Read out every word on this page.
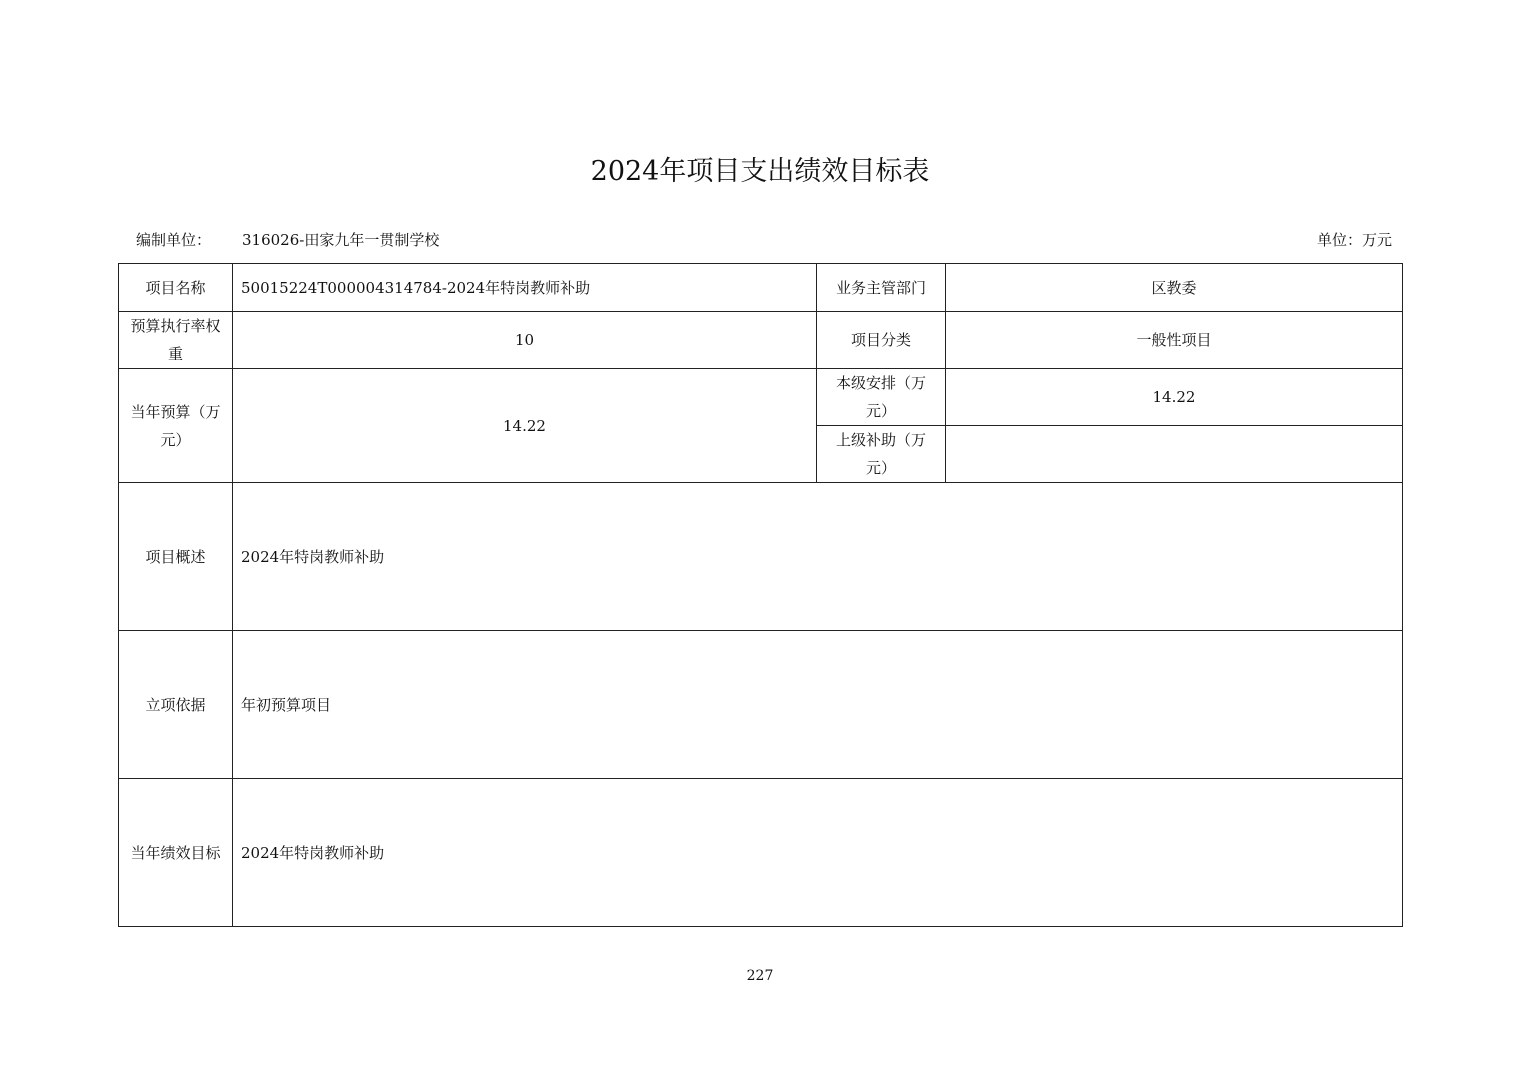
2024年项目支出绩效目标表
编制单位： 316026-田家九年一贯制学校	单位：万元
项目名称	50015224T000004314784-2024年特岗教师补助	业务主管部门	区教委
预算执行率权重	10	项目分类	一般性项目
当年预算（万元）	14.22	本级安排（万元）	14.22
		上级补助（万元）	
项目概述	2024年特岗教师补助		
立项依据	年初预算项目		
当年绩效目标	2024年特岗教师补助		
227
